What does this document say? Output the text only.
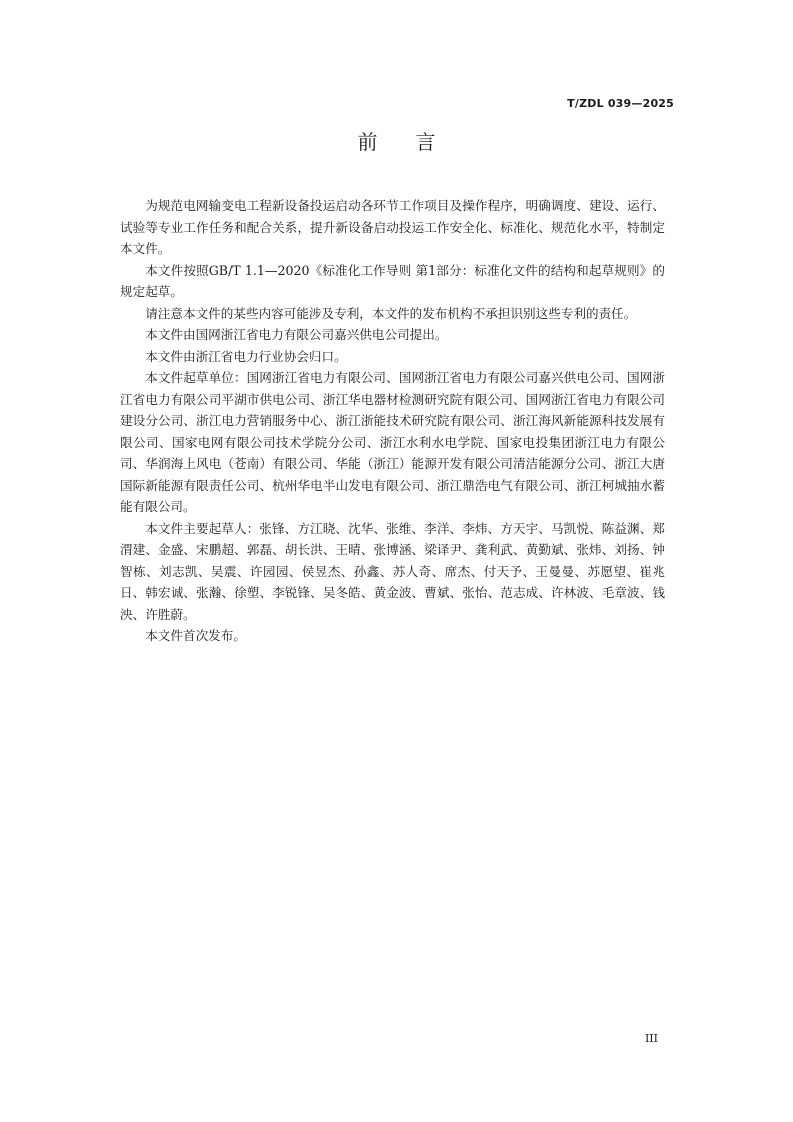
T/ZDL 039—2025
前 言

为规范电网输变电工程新设备投运启动各环节工作项目及操作程序，明确调度、建设、运行、试验等专业工作任务和配合关系，提升新设备启动投运工作安全化、标准化、规范化水平，特制定本文件。

本文件按照GB/T 1.1—2020《标准化工作导则 第1部分：标准化文件的结构和起草规则》的规定起草。

请注意本文件的某些内容可能涉及专利，本文件的发布机构不承担识别这些专利的责任。

本文件由国网浙江省电力有限公司嘉兴供电公司提出。

本文件由浙江省电力行业协会归口。

本文件起草单位：国网浙江省电力有限公司、国网浙江省电力有限公司嘉兴供电公司、国网浙江省电力有限公司平湖市供电公司、浙江华电器材检测研究院有限公司、国网浙江省电力有限公司建设分公司、浙江电力营销服务中心、浙江浙能技术研究院有限公司、浙江海风新能源科技发展有限公司、国家电网有限公司技术学院分公司、浙江水利水电学院、国家电投集团浙江电力有限公司、华润海上风电（苍南）有限公司、华能（浙江）能源开发有限公司清洁能源分公司、浙江大唐国际新能源有限责任公司、杭州华电半山发电有限公司、浙江鼎浩电气有限公司、浙江柯城抽水蓄能有限公司。

本文件主要起草人：张锋、方江晓、沈华、张维、李洋、李炜、方天宇、马凯悦、陈益渊、郑渭建、金盛、宋鹏超、郭磊、胡长洪、王晴、张博涵、梁译尹、龚利武、黄勤斌、张炜、刘扬、钟智栋、刘志凯、吴震、许园园、侯昱杰、孙鑫、苏人奇、席杰、付天予、王曼曼、苏愿望、崔兆日、韩宏诚、张瀚、徐塑、李锐锋、吴冬皓、黄金波、曹斌、张怡、范志成、许林波、毛章波、钱泱、许胜蔚。

本文件首次发布。

III
